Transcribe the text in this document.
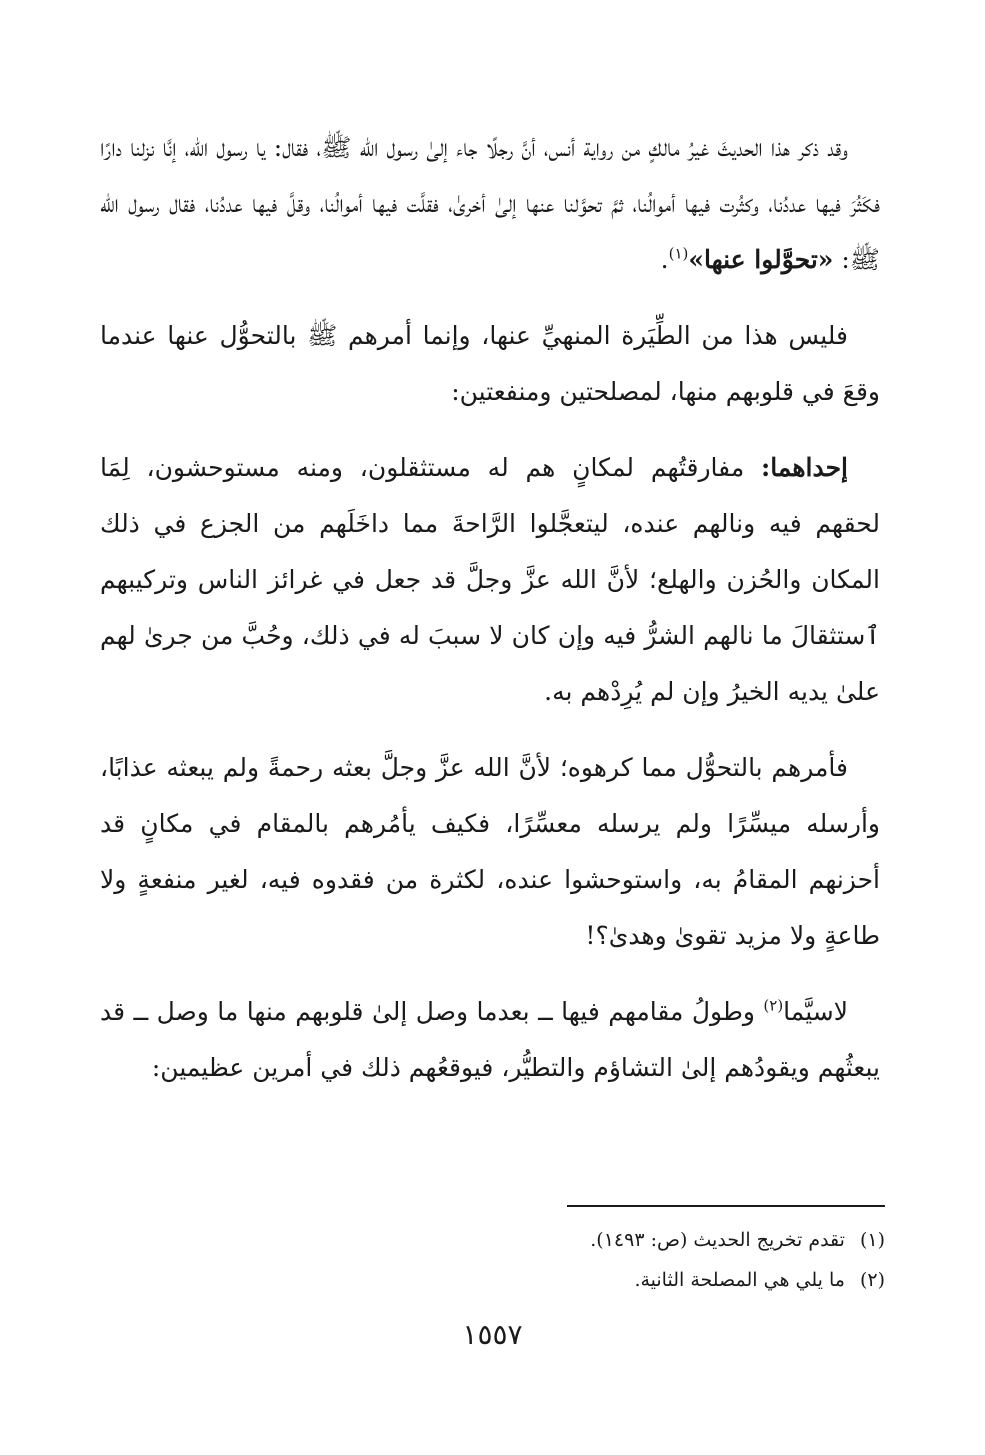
وقد ذكر هذا الحديثَ غيرُ مالكٍ من رواية أنس، أنَّ رجلًا جاء إلىٰ رسول الله ﷺ، فقال: يا رسول الله، إنَّا نزلنا دارًا فكَثُرَ فيها عددُنا، وكثُرت فيها أموالُنا، ثمَّ تحوَّلنا عنها إلىٰ أخرىٰ، فقلَّت فيها أموالُنا، وقلَّ فيها عددُنا، فقال رسول الله ﷺ: «تحوَّلوا عنها»$^{(١)}$.

فليس هذا من الطِّيَرة المنهيِّ عنها، وإنما أمرهم ﷺ بالتحوُّل عنها عندما وقعَ في قلوبهم منها، لمصلحتين ومنفعتين:

إحداهما: مفارقتُهم لمكانٍ هم له مستثقلون، ومنه مستوحشون، لِمَا لحقهم فيه ونالهم عنده، ليتعجَّلوا الرَّاحةَ مما داخَلَهم من الجزع في ذلك المكان والحُزن والهلع؛ لأنَّ الله عزَّ وجلَّ قد جعل في غرائز الناس وتركيبهم ٱستثقالَ ما نالهم الشرُّ فيه وإن كان لا سببَ له في ذلك، وحُبَّ من جرىٰ لهم علىٰ يديه الخيرُ وإن لم يُرِدْهم به.

فأمرهم بالتحوُّل مما كرهوه؛ لأنَّ الله عزَّ وجلَّ بعثه رحمةً ولم يبعثه عذابًا، وأرسله ميسِّرًا ولم يرسله معسِّرًا، فكيف يأمُرهم بالمقام في مكانٍ قد أحزنهم المقامُ به، واستوحشوا عنده، لكثرة من فقدوه فيه، لغير منفعةٍ ولا طاعةٍ ولا مزيد تقوىٰ وهدىٰ؟!

لاسيَّما$^{(٢)}$ وطولُ مقامهم فيها ــ بعدما وصل إلىٰ قلوبهم منها ما وصل ــ قد يبعثُهم ويقودُهم إلىٰ التشاؤم والتطيُّر، فيوقعُهم ذلك في أمرين عظيمين:

(١) تقدم تخريج الحديث (ص: ١٤٩٣).
(٢) ما يلي هي المصلحة الثانية.
١٥٥٧
